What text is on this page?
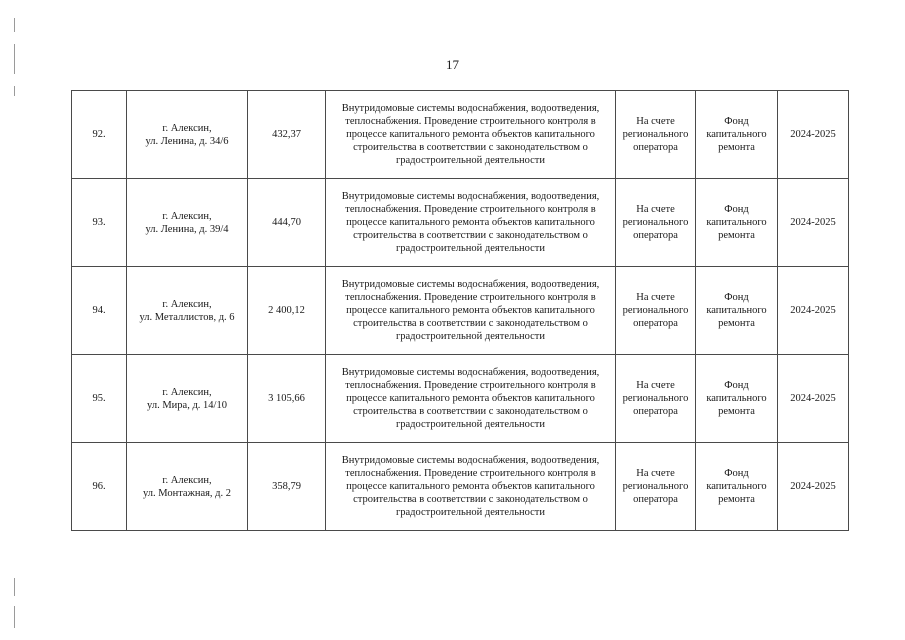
17
92.	г. Алексин,
ул. Ленина, д. 34/6	432,37	Внутридомовые системы водоснабжения, водоотведения, теплоснабжения. Проведение строительного контроля в процессе капитального ремонта объектов капитального строительства в соответствии с законодательством о градостроительной деятельности	На счете регионального оператора	Фонд капитального ремонта	2024-2025
93.	г. Алексин,
ул. Ленина, д. 39/4	444,70	Внутридомовые системы водоснабжения, водоотведения, теплоснабжения. Проведение строительного контроля в процессе капитального ремонта объектов капитального строительства в соответствии с законодательством о градостроительной деятельности	На счете регионального оператора	Фонд капитального ремонта	2024-2025
94.	г. Алексин,
ул. Металлистов, д. 6	2 400,12	Внутридомовые системы водоснабжения, водоотведения, теплоснабжения. Проведение строительного контроля в процессе капитального ремонта объектов капитального строительства в соответствии с законодательством о градостроительной деятельности	На счете регионального оператора	Фонд капитального ремонта	2024-2025
95.	г. Алексин,
ул. Мира, д. 14/10	3 105,66	Внутридомовые системы водоснабжения, водоотведения, теплоснабжения. Проведение строительного контроля в процессе капитального ремонта объектов капитального строительства в соответствии с законодательством о градостроительной деятельности	На счете регионального оператора	Фонд капитального ремонта	2024-2025
96.	г. Алексин,
ул. Монтажная, д. 2	358,79	Внутридомовые системы водоснабжения, водоотведения, теплоснабжения. Проведение строительного контроля в процессе капитального ремонта объектов капитального строительства в соответствии с законодательством о градостроительной деятельности	На счете регионального оператора	Фонд капитального ремонта	2024-2025
